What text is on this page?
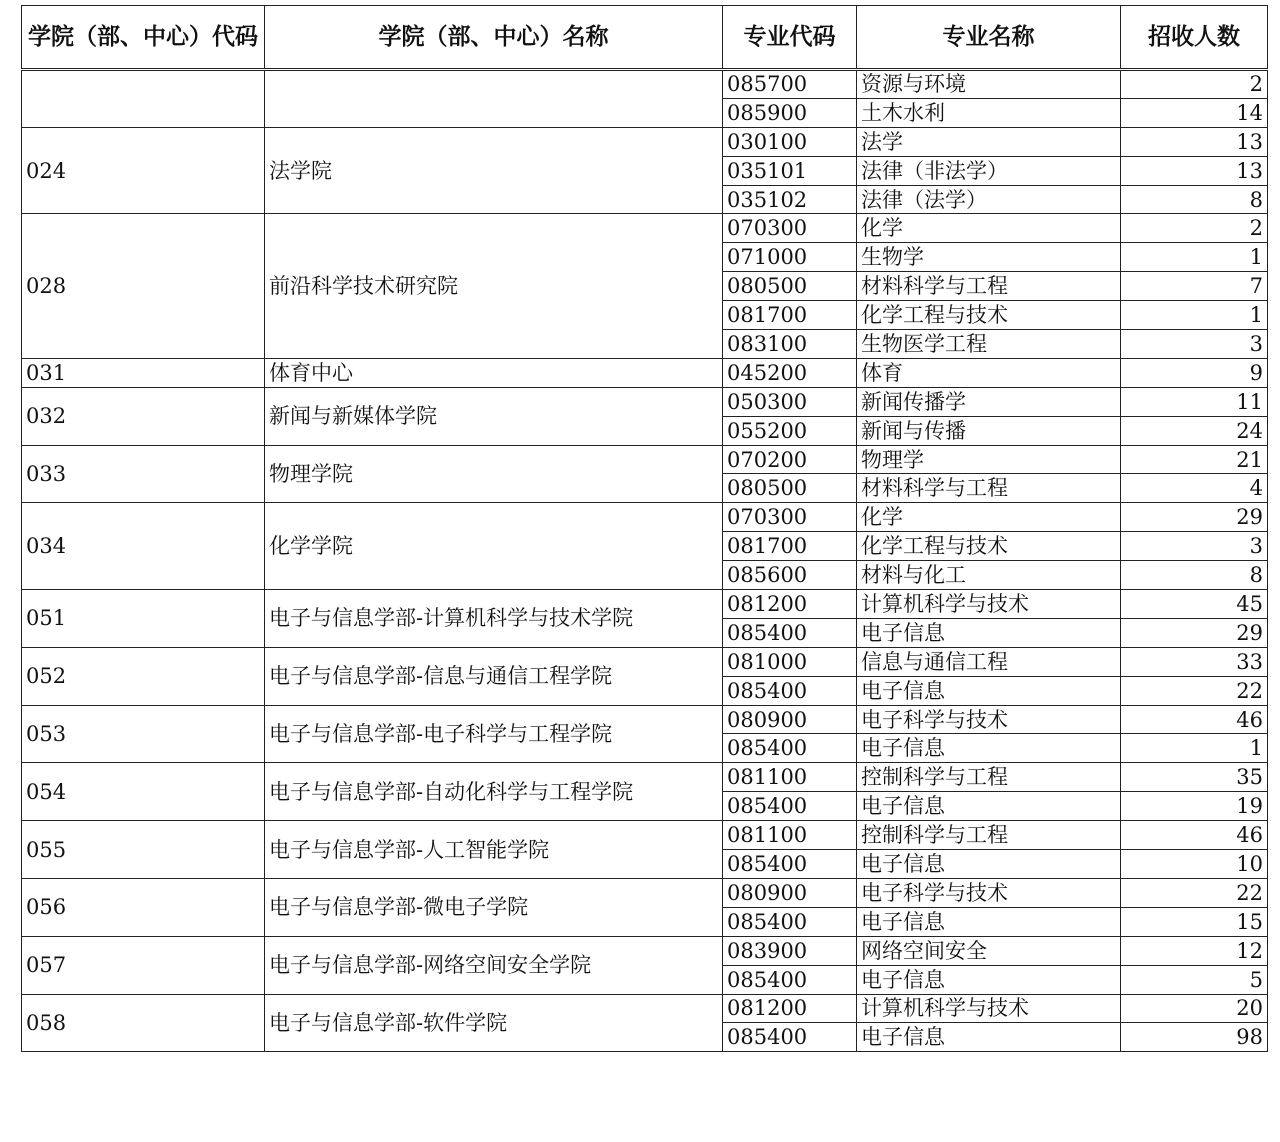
学院（部、中心）代码	学院（部、中心）名称	专业代码	专业名称	招收人数
		085700	资源与环境	2
		085900	土木水利	14
024	法学院	030100	法学	13
		035101	法律（非法学）	13
		035102	法律（法学）	8
028	前沿科学技术研究院	070300	化学	2
		071000	生物学	1
		080500	材料科学与工程	7
		081700	化学工程与技术	1
		083100	生物医学工程	3
031	体育中心	045200	体育	9
032	新闻与新媒体学院	050300	新闻传播学	11
		055200	新闻与传播	24
033	物理学院	070200	物理学	21
		080500	材料科学与工程	4
034	化学学院	070300	化学	29
		081700	化学工程与技术	3
		085600	材料与化工	8
051	电子与信息学部-计算机科学与技术学院	081200	计算机科学与技术	45
		085400	电子信息	29
052	电子与信息学部-信息与通信工程学院	081000	信息与通信工程	33
		085400	电子信息	22
053	电子与信息学部-电子科学与工程学院	080900	电子科学与技术	46
		085400	电子信息	1
054	电子与信息学部-自动化科学与工程学院	081100	控制科学与工程	35
		085400	电子信息	19
055	电子与信息学部-人工智能学院	081100	控制科学与工程	46
		085400	电子信息	10
056	电子与信息学部-微电子学院	080900	电子科学与技术	22
		085400	电子信息	15
057	电子与信息学部-网络空间安全学院	083900	网络空间安全	12
		085400	电子信息	5
058	电子与信息学部-软件学院	081200	计算机科学与技术	20
		085400	电子信息	98
